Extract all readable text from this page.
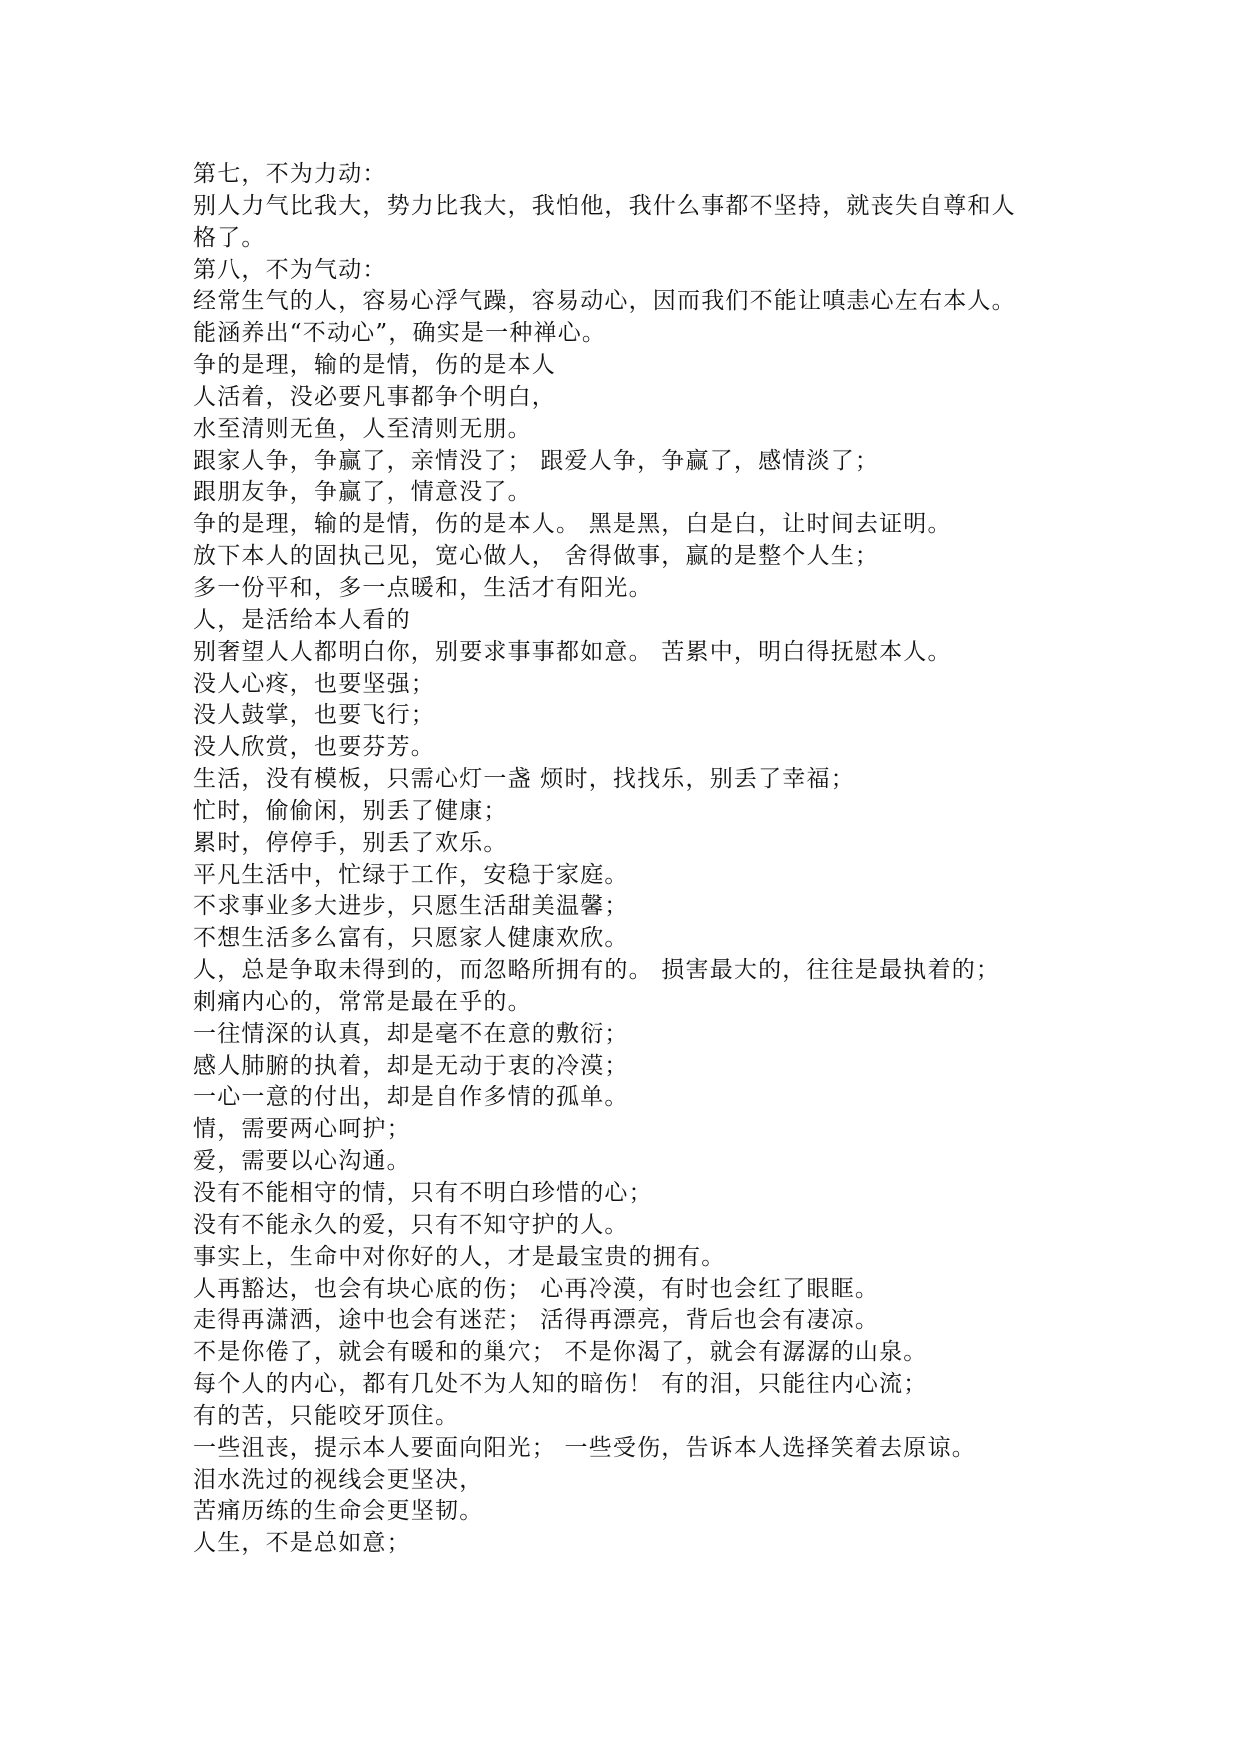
第七，不为力动：
别人力气比我大，势力比我大，我怕他，我什么事都不坚持，就丧失自尊和人
格了。
第八，不为气动：
经常生气的人，容易心浮气躁，容易动心，因而我们不能让嗔恚心左右本人。
能涵养出“不动心”，确实是一种禅心。
争的是理，输的是情，伤的是本人
人活着，没必要凡事都争个明白，
水至清则无鱼，人至清则无朋。
跟家人争，争赢了，亲情没了； 跟爱人争，争赢了，感情淡了；
跟朋友争，争赢了，情意没了。
争的是理，输的是情，伤的是本人。 黑是黑，白是白，让时间去证明。
放下本人的固执己见，宽心做人， 舍得做事，赢的是整个人生；
多一份平和，多一点暖和，生活才有阳光。
人，是活给本人看的
别奢望人人都明白你，别要求事事都如意。 苦累中，明白得抚慰本人。
没人心疼，也要坚强；
没人鼓掌，也要飞行；
没人欣赏，也要芬芳。
生活，没有模板，只需心灯一盏 烦时，找找乐，别丢了幸福；
忙时，偷偷闲，别丢了健康；
累时，停停手，别丢了欢乐。
平凡生活中，忙绿于工作，安稳于家庭。
不求事业多大进步，只愿生活甜美温馨；
不想生活多么富有，只愿家人健康欢欣。
人，总是争取未得到的，而忽略所拥有的。 损害最大的，往往是最执着的；
刺痛内心的，常常是最在乎的。
一往情深的认真，却是毫不在意的敷衍；
感人肺腑的执着，却是无动于衷的冷漠；
一心一意的付出，却是自作多情的孤单。
情，需要两心呵护；
爱，需要以心沟通。
没有不能相守的情，只有不明白珍惜的心；
没有不能永久的爱，只有不知守护的人。
事实上，生命中对你好的人，才是最宝贵的拥有。
人再豁达，也会有块心底的伤； 心再冷漠，有时也会红了眼眶。
走得再潇洒，途中也会有迷茫； 活得再漂亮，背后也会有凄凉。
不是你倦了，就会有暖和的巢穴； 不是你渴了，就会有潺潺的山泉。
每个人的内心，都有几处不为人知的暗伤！ 有的泪，只能往内心流；
有的苦，只能咬牙顶住。
一些沮丧，提示本人要面向阳光； 一些受伤，告诉本人选择笑着去原谅。
泪水洗过的视线会更坚决，
苦痛历练的生命会更坚韧。
人生，不是总如意；
